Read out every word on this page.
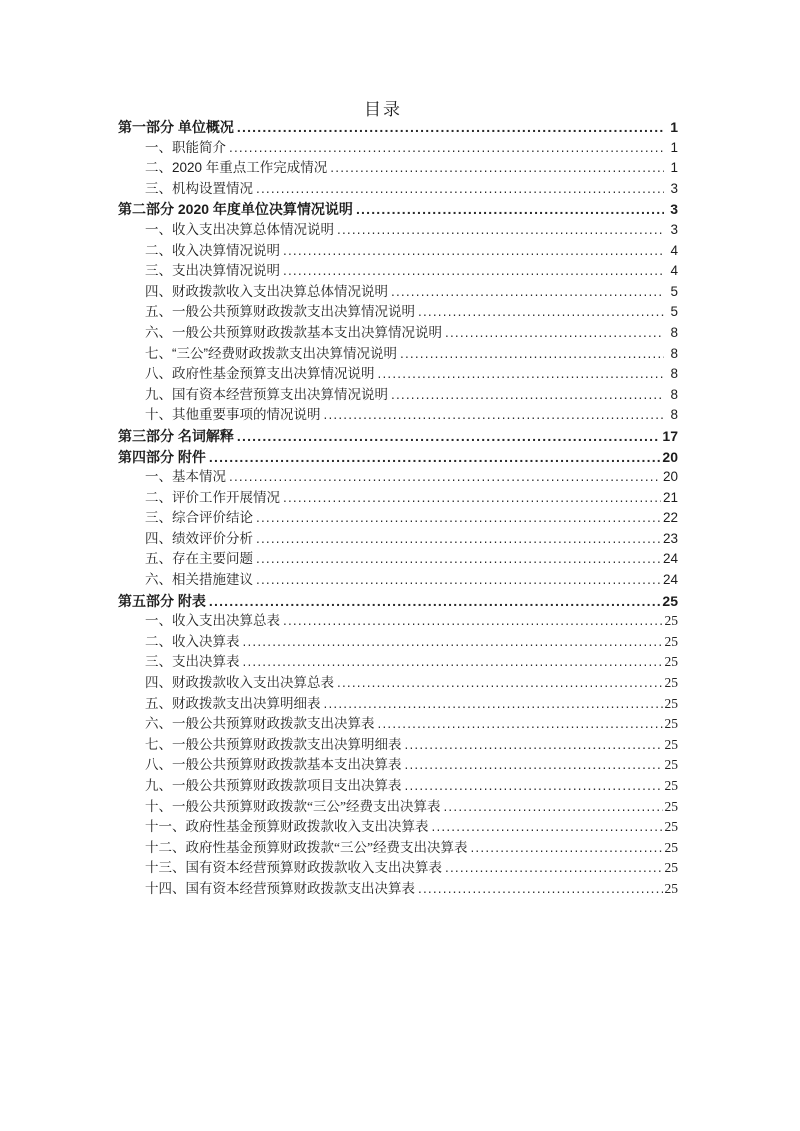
目录
第一部分 单位概况 .....	1
一、职能简介 .....	1
二、2020 年重点工作完成情况 .....	1
三、机构设置情况 .....	3
第二部分 2020 年度单位决算情况说明 .....	3
一、收入支出决算总体情况说明 .....	3
二、收入决算情况说明 .....	4
三、支出决算情况说明 .....	4
四、财政拨款收入支出决算总体情况说明 .....	5
五、一般公共预算财政拨款支出决算情况说明 .....	5
六、一般公共预算财政拨款基本支出决算情况说明 .....	8
七、“三公”经费财政拨款支出决算情况说明 .....	8
八、政府性基金预算支出决算情况说明 .....	8
九、国有资本经营预算支出决算情况说明 .....	8
十、其他重要事项的情况说明 .....	8
第三部分 名词解释 .....	17
第四部分 附件 .....	20
一、基本情况 .....	20
二、评价工作开展情况 .....	21
三、综合评价结论 .....	22
四、绩效评价分析 .....	23
五、存在主要问题 .....	24
六、相关措施建议 .....	24
第五部分 附表 .....	25
一、收入支出决算总表 .....	25
二、收入决算表 .....	25
三、支出决算表 .....	25
四、财政拨款收入支出决算总表 .....	25
五、财政拨款支出决算明细表 .....	25
六、一般公共预算财政拨款支出决算表 .....	25
七、一般公共预算财政拨款支出决算明细表 .....	25
八、一般公共预算财政拨款基本支出决算表 .....	25
九、一般公共预算财政拨款项目支出决算表 .....	25
十、一般公共预算财政拨款“三公”经费支出决算表 .....	25
十一、政府性基金预算财政拨款收入支出决算表 .....	25
十二、政府性基金预算财政拨款“三公”经费支出决算表 .....	25
十三、国有资本经营预算财政拨款收入支出决算表 .....	25
十四、国有资本经营预算财政拨款支出决算表 .....	25
